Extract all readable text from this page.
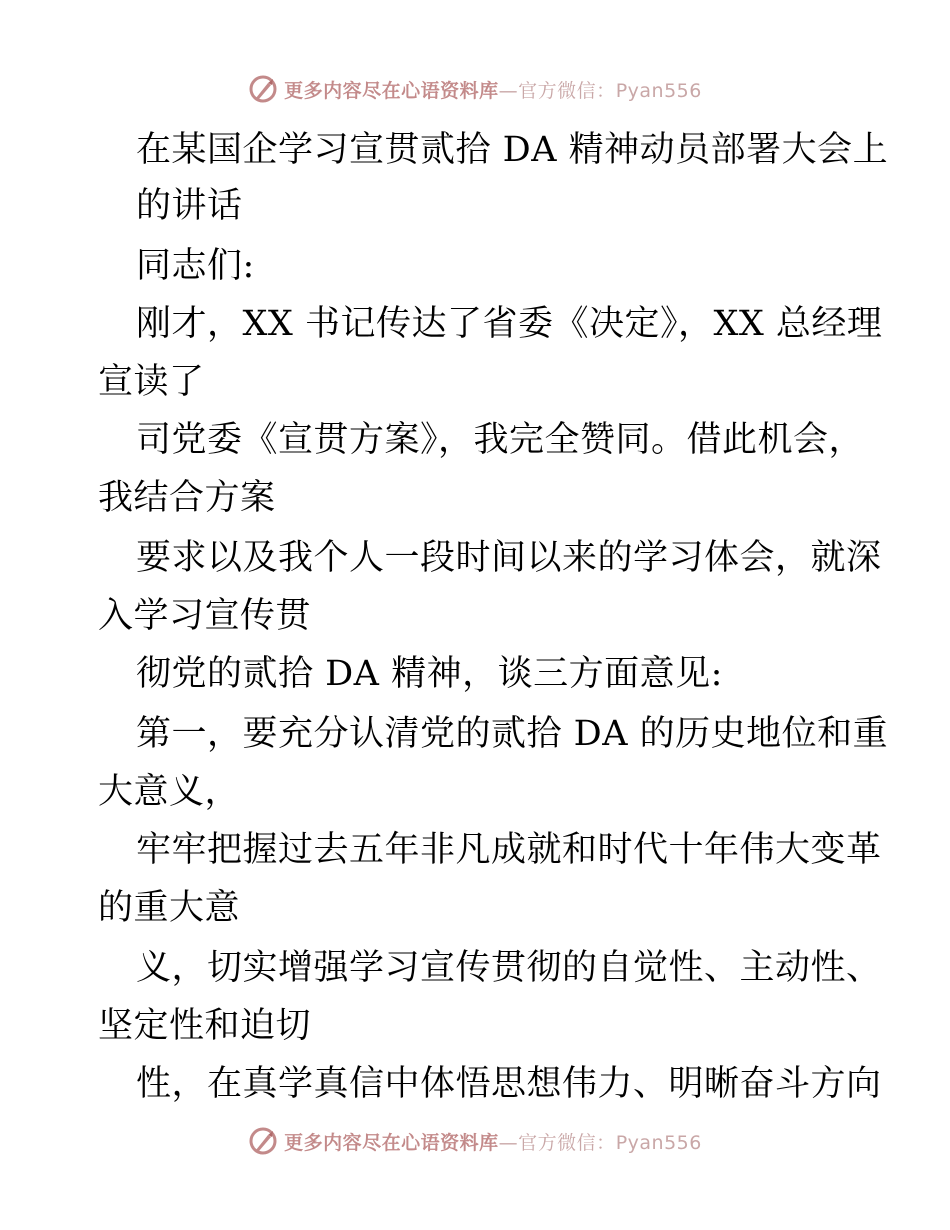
更多内容尽在心语资料库—官方微信：Pyan556
在某国企学习宣贯贰拾 DA 精神动员部署大会上
的讲话
同志们:
刚才，XX 书记传达了省委《决定》，XX 总经理
宣读了
司党委《宣贯方案》，我完全赞同。借此机会，
我结合方案
要求以及我个人一段时间以来的学习体会，就深
入学习宣传贯
彻党的贰拾 DA 精神，谈三方面意见:
第一，要充分认清党的贰拾 DA 的历史地位和重
大意义，
牢牢把握过去五年非凡成就和时代十年伟大变革
的重大意
义，切实增强学习宣传贯彻的自觉性、主动性、
坚定性和迫切
性，在真学真信中体悟思想伟力、明晰奋斗方向
更多内容尽在心语资料库—官方微信：Pyan556
